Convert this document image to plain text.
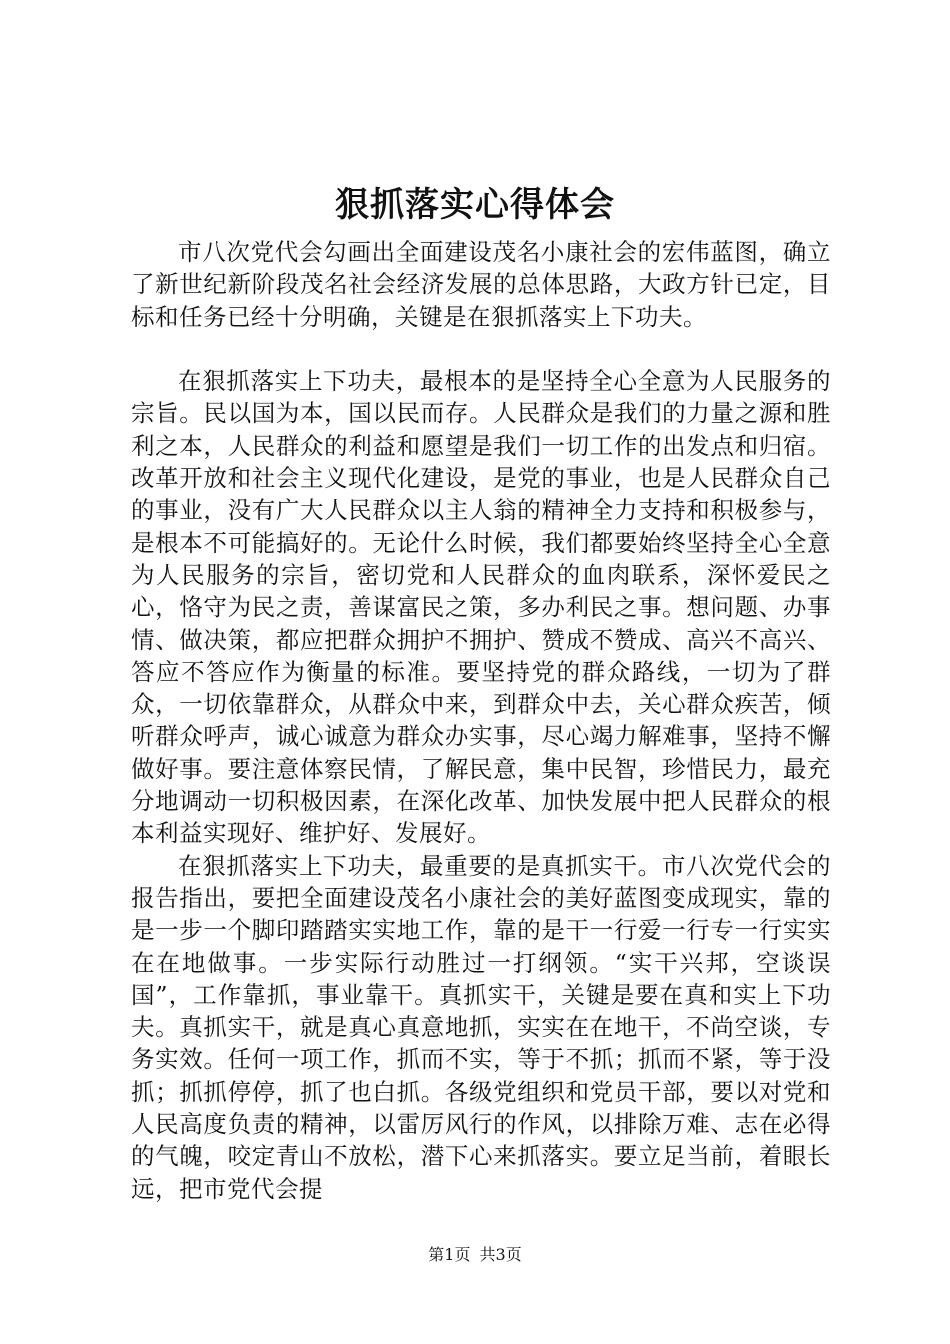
狠抓落实心得体会

市八次党代会勾画出全面建设茂名小康社会的宏伟蓝图，确立了新世纪新阶段茂名社会经济发展的总体思路，大政方针已定，目标和任务已经十分明确，关键是在狠抓落实上下功夫。

在狠抓落实上下功夫，最根本的是坚持全心全意为人民服务的宗旨。民以国为本，国以民而存。人民群众是我们的力量之源和胜利之本，人民群众的利益和愿望是我们一切工作的出发点和归宿。改革开放和社会主义现代化建设，是党的事业，也是人民群众自己的事业，没有广大人民群众以主人翁的精神全力支持和积极参与，是根本不可能搞好的。无论什么时候，我们都要始终坚持全心全意为人民服务的宗旨，密切党和人民群众的血肉联系，深怀爱民之心，恪守为民之责，善谋富民之策，多办利民之事。想问题、办事情、做决策，都应把群众拥护不拥护、赞成不赞成、高兴不高兴、答应不答应作为衡量的标准。要坚持党的群众路线，一切为了群众，一切依靠群众，从群众中来，到群众中去，关心群众疾苦，倾听群众呼声，诚心诚意为群众办实事，尽心竭力解难事，坚持不懈做好事。要注意体察民情，了解民意，集中民智，珍惜民力，最充分地调动一切积极因素，在深化改革、加快发展中把人民群众的根本利益实现好、维护好、发展好。

在狠抓落实上下功夫，最重要的是真抓实干。市八次党代会的报告指出，要把全面建设茂名小康社会的美好蓝图变成现实，靠的是一步一个脚印踏踏实实地工作，靠的是干一行爱一行专一行实实在在地做事。一步实际行动胜过一打纲领。“实干兴邦，空谈误国”，工作靠抓，事业靠干。真抓实干，关键是要在真和实上下功夫。真抓实干，就是真心真意地抓，实实在在地干，不尚空谈，专务实效。任何一项工作，抓而不实，等于不抓；抓而不紧，等于没抓；抓抓停停，抓了也白抓。各级党组织和党员干部，要以对党和人民高度负责的精神，以雷厉风行的作风，以排除万难、志在必得的气魄，咬定青山不放松，潜下心来抓落实。要立足当前，着眼长远，把市党代会提

第1页 共3页
